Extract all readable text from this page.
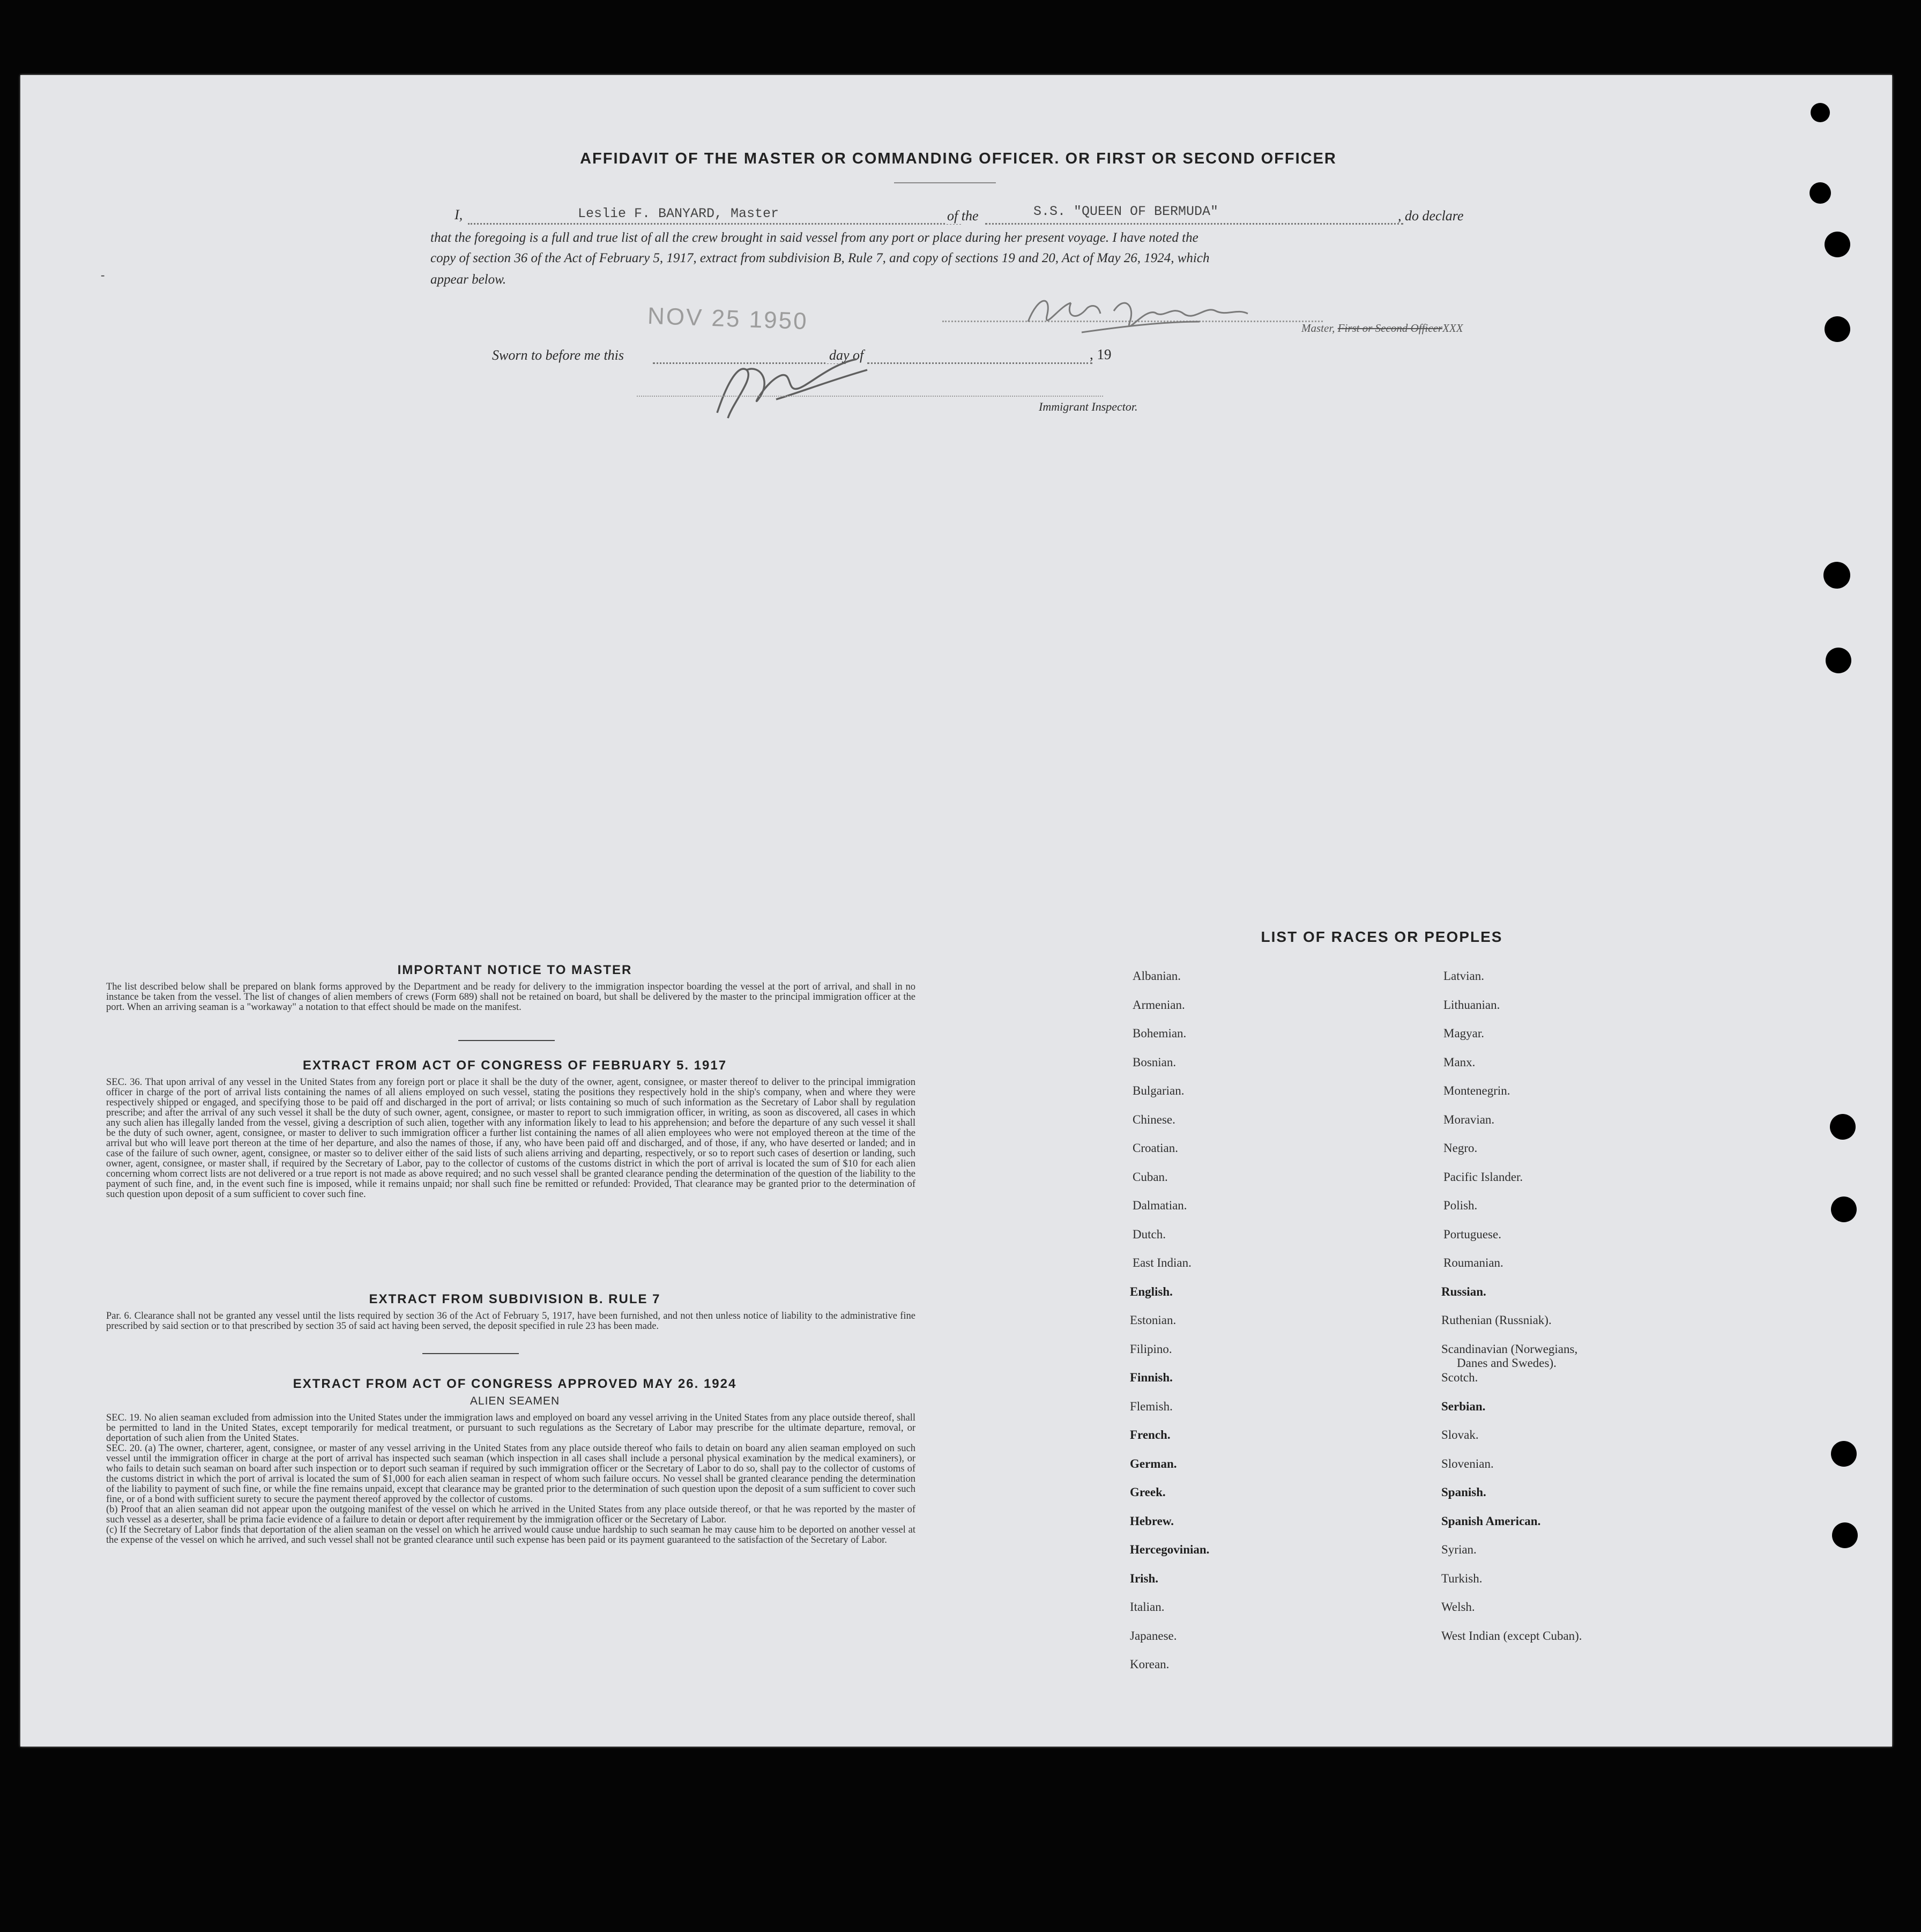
AFFIDAVIT OF THE MASTER OR COMMANDING OFFICER. OR FIRST OR SECOND OFFICER
I,	Leslie F. BANYARD, Master	of the	S.S. "QUEEN OF BERMUDA"	, do declare
that the foregoing is a full and true list of all the crew brought in said vessel from any port or place during her present voyage. I have noted the
copy of section 36 of the Act of February 5, 1917, extract from subdivision B, Rule 7, and copy of sections 19 and 20, Act of May 26, 1924, which
appear below.
-
NOV 25 1950	Master, First or Second OfficerXXX
Sworn to before me this	day of	, 19
Immigrant Inspector.
IMPORTANT NOTICE TO MASTER
The list described below shall be prepared on blank forms approved by the Department and be ready for delivery to the immigration inspector boarding the vessel at the port of arrival, and shall in no instance be taken from the vessel. The list of changes of alien members of crews (Form 689) shall not be retained on board, but shall be delivered by the master to the principal immigration officer at the port. When an arriving seaman is a "workaway" a notation to that effect should be made on the manifest.
EXTRACT FROM ACT OF CONGRESS OF FEBRUARY 5. 1917
SEC. 36. That upon arrival of any vessel in the United States from any foreign port or place it shall be the duty of the owner, agent, consignee, or master thereof to deliver to the principal immigration officer in charge of the port of arrival lists containing the names of all aliens employed on such vessel, stating the positions they respectively hold in the ship's company, when and where they were respectively shipped or engaged, and specifying those to be paid off and discharged in the port of arrival; or lists containing so much of such information as the Secretary of Labor shall by regulation prescribe; and after the arrival of any such vessel it shall be the duty of such owner, agent, consignee, or master to report to such immigration officer, in writing, as soon as discovered, all cases in which any such alien has illegally landed from the vessel, giving a description of such alien, together with any information likely to lead to his apprehension; and before the departure of any such vessel it shall be the duty of such owner, agent, consignee, or master to deliver to such immigration officer a further list containing the names of all alien employees who were not employed thereon at the time of the arrival but who will leave port thereon at the time of her departure, and also the names of those, if any, who have been paid off and discharged, and of those, if any, who have deserted or landed; and in case of the failure of such owner, agent, consignee, or master so to deliver either of the said lists of such aliens arriving and departing, respectively, or so to report such cases of desertion or landing, such owner, agent, consignee, or master shall, if required by the Secretary of Labor, pay to the collector of customs of the customs district in which the port of arrival is located the sum of $10 for each alien concerning whom correct lists are not delivered or a true report is not made as above required; and no such vessel shall be granted clearance pending the determination of the question of the liability to the payment of such fine, and, in the event such fine is imposed, while it remains unpaid; nor shall such fine be remitted or refunded: Provided, That clearance may be granted prior to the determination of such question upon deposit of a sum sufficient to cover such fine.
EXTRACT FROM SUBDIVISION B. RULE 7
Par. 6. Clearance shall not be granted any vessel until the lists required by section 36 of the Act of February 5, 1917, have been furnished, and not then unless notice of liability to the administrative fine prescribed by said section or to that prescribed by section 35 of said act having been served, the deposit specified in rule 23 has been made.
EXTRACT FROM ACT OF CONGRESS APPROVED MAY 26. 1924
ALIEN SEAMEN
SEC. 19. No alien seaman excluded from admission into the United States under the immigration laws and employed on board any vessel arriving in the United States from any place outside thereof, shall be permitted to land in the United States, except temporarily for medical treatment, or pursuant to such regulations as the Secretary of Labor may prescribe for the ultimate departure, removal, or deportation of such alien from the United States.
SEC. 20. (a) The owner, charterer, agent, consignee, or master of any vessel arriving in the United States from any place outside thereof who fails to detain on board any alien seaman employed on such vessel until the immigration officer in charge at the port of arrival has inspected such seaman (which inspection in all cases shall include a personal physical examination by the medical examiners), or who fails to detain such seaman on board after such inspection or to deport such seaman if required by such immigration officer or the Secretary of Labor to do so, shall pay to the collector of customs of the customs district in which the port of arrival is located the sum of $1,000 for each alien seaman in respect of whom such failure occurs. No vessel shall be granted clearance pending the determination of the liability to payment of such fine, or while the fine remains unpaid, except that clearance may be granted prior to the determination of such question upon the deposit of a sum sufficient to cover such fine, or of a bond with sufficient surety to secure the payment thereof approved by the collector of customs.
(b) Proof that an alien seaman did not appear upon the outgoing manifest of the vessel on which he arrived in the United States from any place outside thereof, or that he was reported by the master of such vessel as a deserter, shall be prima facie evidence of a failure to detain or deport after requirement by the immigration officer or the Secretary of Labor.
(c) If the Secretary of Labor finds that deportation of the alien seaman on the vessel on which he arrived would cause undue hardship to such seaman he may cause him to be deported on another vessel at the expense of the vessel on which he arrived, and such vessel shall not be granted clearance until such expense has been paid or its payment guaranteed to the satisfaction of the Secretary of Labor.
LIST OF RACES OR PEOPLES
Albanian.
Armenian.
Bohemian.
Bosnian.
Bulgarian.
Chinese.
Croatian.
Cuban.
Dalmatian.
Dutch.
East Indian.
English.
Estonian.
Filipino.
Finnish.
Flemish.
French.
German.
Greek.
Hebrew.
Hercegovinian.
Irish.
Italian.
Japanese.
Korean.
Latvian.
Lithuanian.
Magyar.
Manx.
Montenegrin.
Moravian.
Negro.
Pacific Islander.
Polish.
Portuguese.
Roumanian.
Russian.
Ruthenian (Russniak).
Scandinavian (Norwegians,
Danes and Swedes).
Scotch.
Serbian.
Slovak.
Slovenian.
Spanish.
Spanish American.
Syrian.
Turkish.
Welsh.
West Indian (except Cuban).
